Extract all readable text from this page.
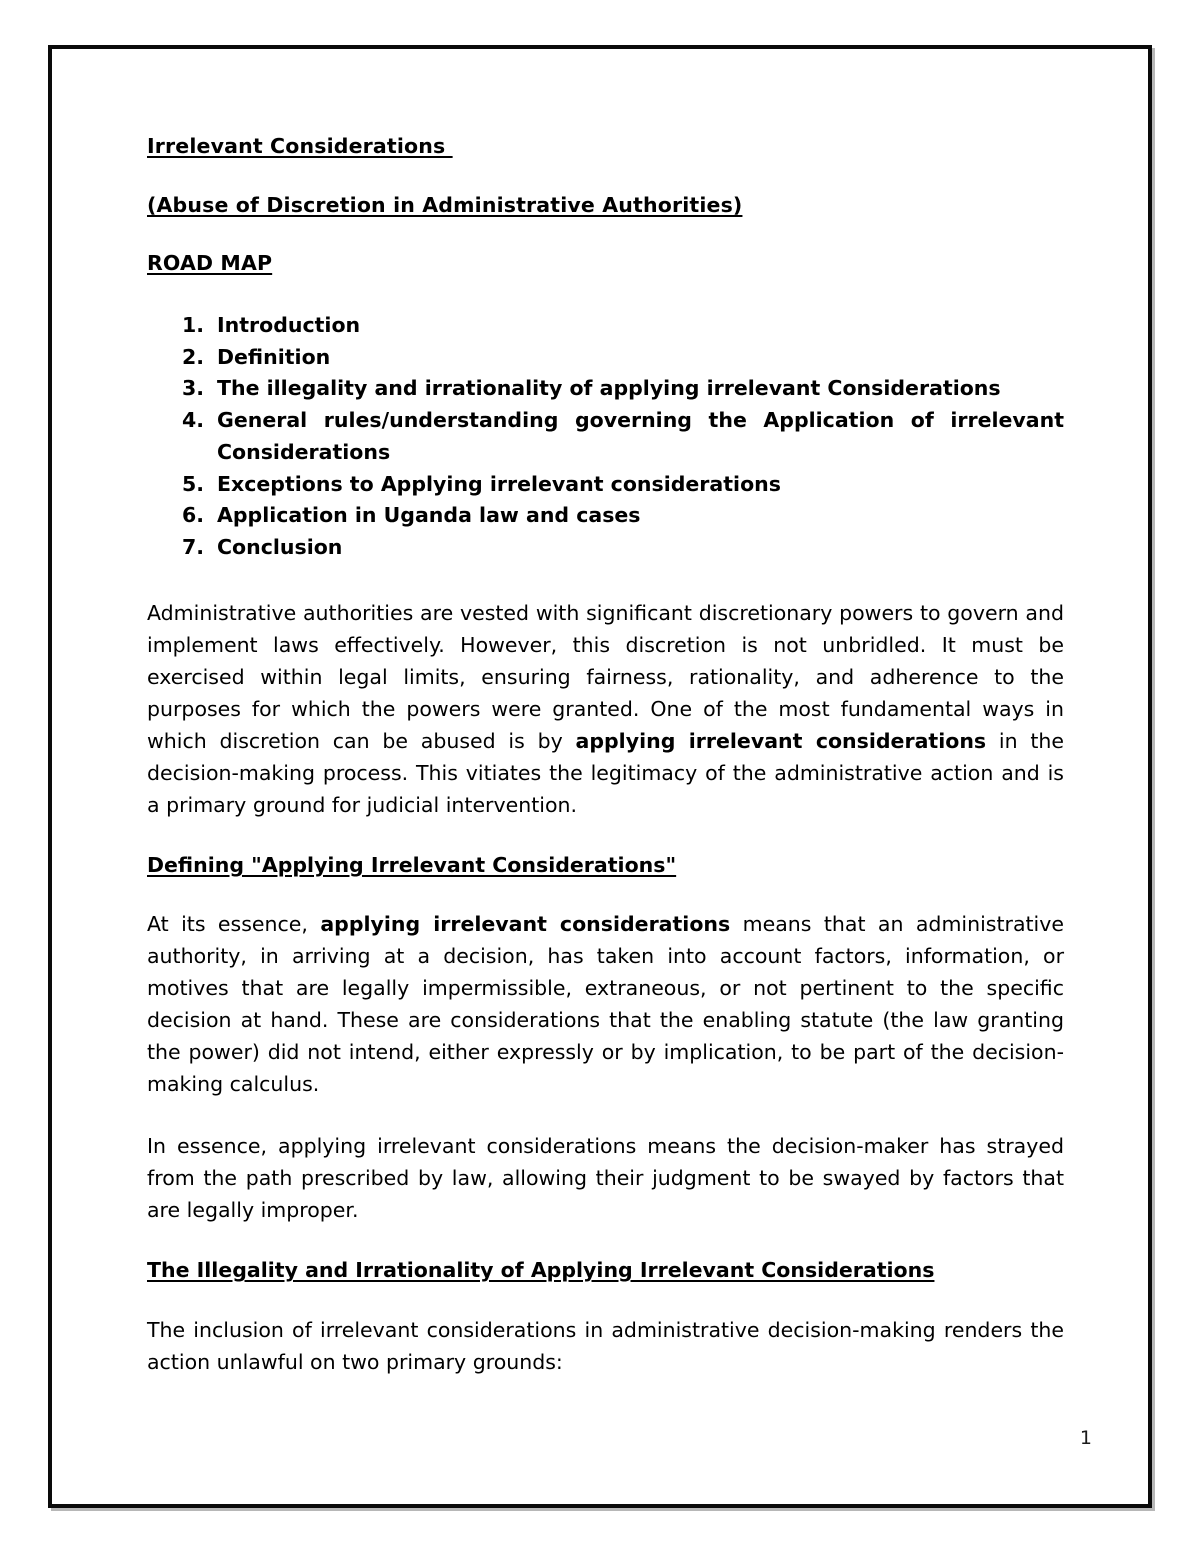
Irrelevant Considerations
(Abuse of Discretion in Administrative Authorities)
ROAD MAP
1. Introduction
2. Definition
3. The illegality and irrationality of applying irrelevant Considerations
4. General rules/understanding governing the Application of irrelevant Considerations
5. Exceptions to Applying irrelevant considerations
6. Application in Uganda law and cases
7. Conclusion

Administrative authorities are vested with significant discretionary powers to govern and implement laws effectively. However, this discretion is not unbridled. It must be exercised within legal limits, ensuring fairness, rationality, and adherence to the purposes for which the powers were granted. One of the most fundamental ways in which discretion can be abused is by applying irrelevant considerations in the decision-making process. This vitiates the legitimacy of the administrative action and is a primary ground for judicial intervention.

Defining "Applying Irrelevant Considerations"

At its essence, applying irrelevant considerations means that an administrative authority, in arriving at a decision, has taken into account factors, information, or motives that are legally impermissible, extraneous, or not pertinent to the specific decision at hand. These are considerations that the enabling statute (the law granting the power) did not intend, either expressly or by implication, to be part of the decision-making calculus.

In essence, applying irrelevant considerations means the decision-maker has strayed from the path prescribed by law, allowing their judgment to be swayed by factors that are legally improper.

The Illegality and Irrationality of Applying Irrelevant Considerations

The inclusion of irrelevant considerations in administrative decision-making renders the action unlawful on two primary grounds:

1
